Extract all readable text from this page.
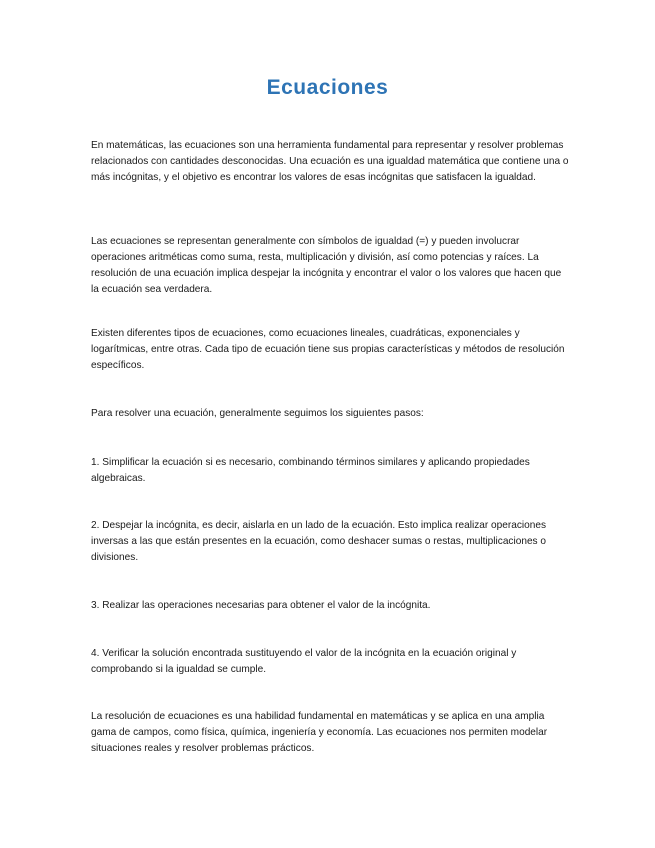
Ecuaciones

En matemáticas, las ecuaciones son una herramienta fundamental para representar y resolver problemas relacionados con cantidades desconocidas. Una ecuación es una igualdad matemática que contiene una o más incógnitas, y el objetivo es encontrar los valores de esas incógnitas que satisfacen la igualdad.

Las ecuaciones se representan generalmente con símbolos de igualdad (=) y pueden involucrar operaciones aritméticas como suma, resta, multiplicación y división, así como potencias y raíces. La resolución de una ecuación implica despejar la incógnita y encontrar el valor o los valores que hacen que la ecuación sea verdadera.

Existen diferentes tipos de ecuaciones, como ecuaciones lineales, cuadráticas, exponenciales y logarítmicas, entre otras. Cada tipo de ecuación tiene sus propias características y métodos de resolución específicos.

Para resolver una ecuación, generalmente seguimos los siguientes pasos:

1. Simplificar la ecuación si es necesario, combinando términos similares y aplicando propiedades algebraicas.

2. Despejar la incógnita, es decir, aislarla en un lado de la ecuación. Esto implica realizar operaciones inversas a las que están presentes en la ecuación, como deshacer sumas o restas, multiplicaciones o divisiones.

3. Realizar las operaciones necesarias para obtener el valor de la incógnita.

4. Verificar la solución encontrada sustituyendo el valor de la incógnita en la ecuación original y comprobando si la igualdad se cumple.

La resolución de ecuaciones es una habilidad fundamental en matemáticas y se aplica en una amplia gama de campos, como física, química, ingeniería y economía. Las ecuaciones nos permiten modelar situaciones reales y resolver problemas prácticos.
